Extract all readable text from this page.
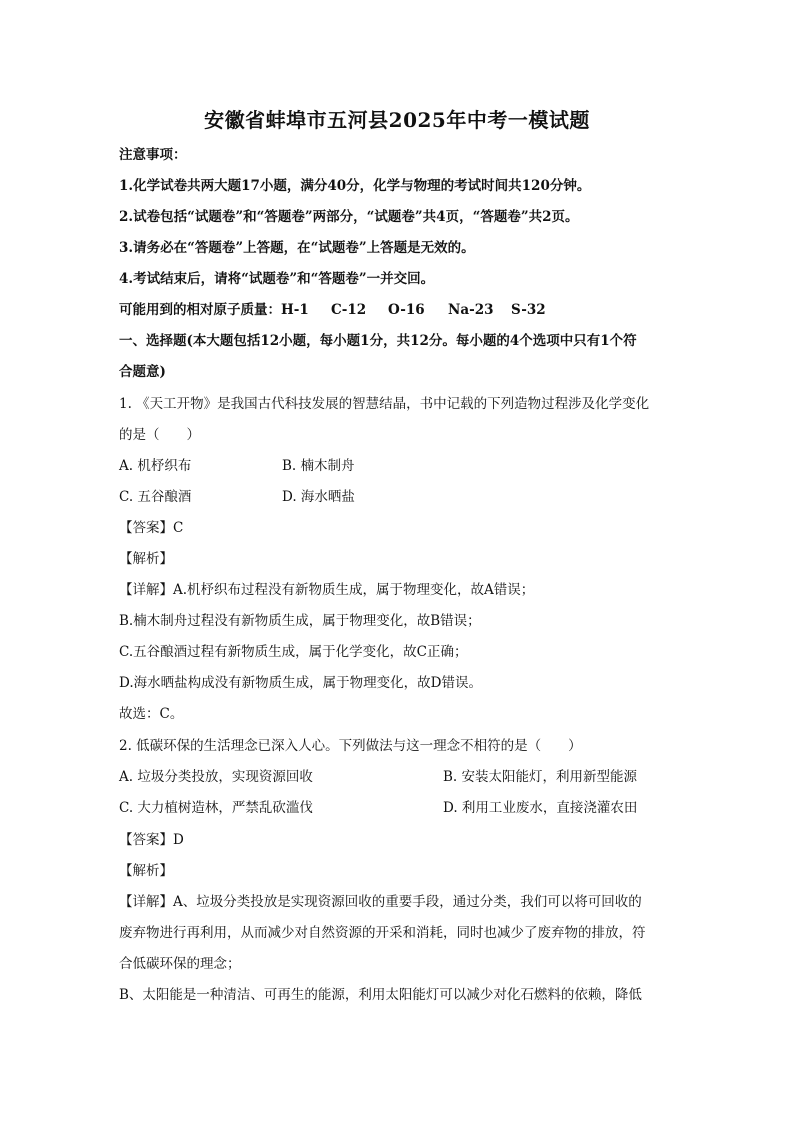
安徽省蚌埠市五河县2025年中考一模试题
注意事项：
1.化学试卷共两大题17小题，满分40分，化学与物理的考试时间共120分钟。
2.试卷包括“试题卷”和“答题卷”两部分，“试题卷”共4页，“答题卷”共2页。
3.请务必在“答题卷”上答题，在“试题卷”上答题是无效的。
4.考试结束后，请将“试题卷”和“答题卷”一并交回。
可能用到的相对原子质量：H-1 C-12 O-16 Na-23 S-32
一、选择题(本大题包括12小题，每小题1分，共12分。每小题的4个选项中只有1个符
合题意)
1. 《天工开物》是我国古代科技发展的智慧结晶，书中记载的下列造物过程涉及化学变化
的是（　　）
A. 机杼织布	B. 楠木制舟
C. 五谷酿酒	D. 海水晒盐
【答案】C
【解析】
【详解】A.机杼织布过程没有新物质生成，属于物理变化，故A错误；
B.楠木制舟过程没有新物质生成，属于物理变化，故B错误；
C.五谷酿酒过程有新物质生成，属于化学变化，故C正确；
D.海水晒盐构成没有新物质生成，属于物理变化，故D错误。
故选：C。
2. 低碳环保的生活理念已深入人心。下列做法与这一理念不相符的是（　　）
A. 垃圾分类投放，实现资源回收	B. 安装太阳能灯，利用新型能源
C. 大力植树造林，严禁乱砍滥伐	D. 利用工业废水，直接浇灌农田
【答案】D
【解析】
【详解】A、垃圾分类投放是实现资源回收的重要手段，通过分类，我们可以将可回收的
废弃物进行再利用，从而减少对自然资源的开采和消耗，同时也减少了废弃物的排放，符
合低碳环保的理念；
B、太阳能是一种清洁、可再生的能源，利用太阳能灯可以减少对化石燃料的依赖，降低
